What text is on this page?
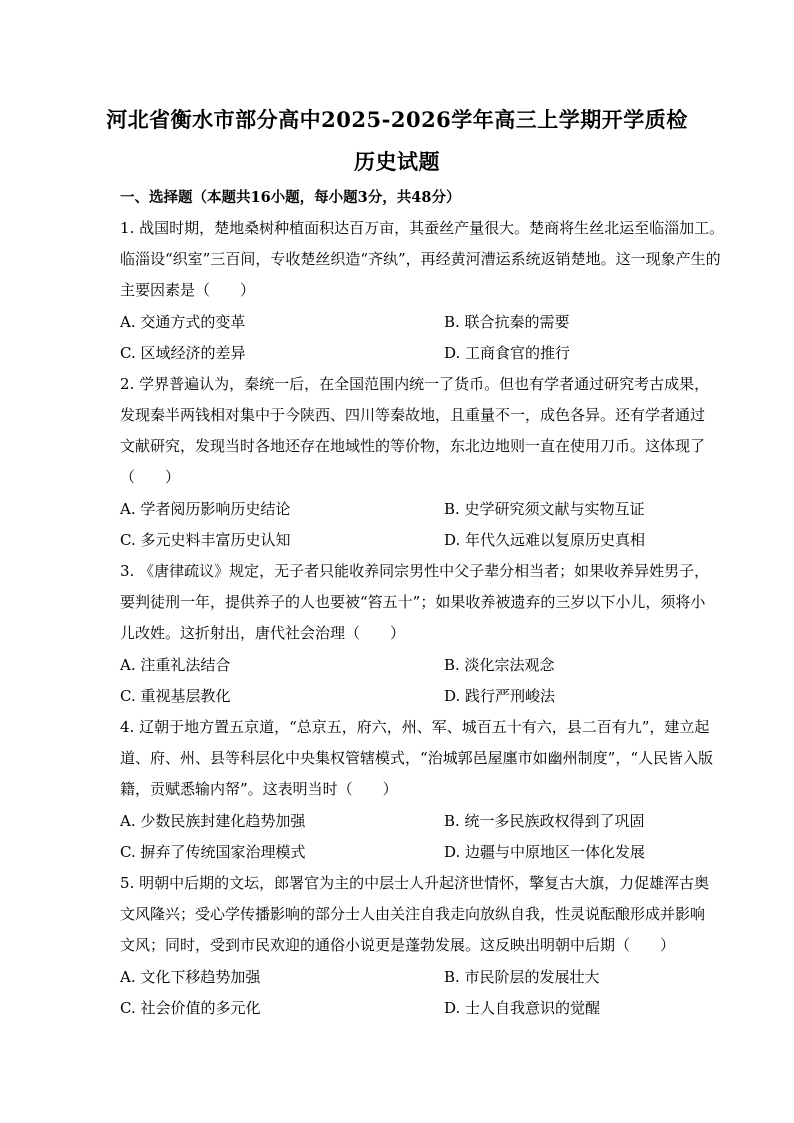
河北省衡水市部分高中2025-2026学年高三上学期开学质检
历史试题
一、选择题（本题共16小题，每小题3分，共48分）
1. 战国时期，楚地桑树种植面积达百万亩，其蚕丝产量很大。楚商将生丝北运至临淄加工。
临淄设“织室”三百间，专收楚丝织造“齐纨”，再经黄河漕运系统返销楚地。这一现象产生的
主要因素是（　　）
A. 交通方式的变革	B. 联合抗秦的需要
C. 区域经济的差异	D. 工商食官的推行
2. 学界普遍认为，秦统一后，在全国范围内统一了货币。但也有学者通过研究考古成果，
发现秦半两钱相对集中于今陕西、四川等秦故地，且重量不一，成色各异。还有学者通过
文献研究，发现当时各地还存在地域性的等价物，东北边地则一直在使用刀币。这体现了
（　　）
A. 学者阅历影响历史结论	B. 史学研究须文献与实物互证
C. 多元史料丰富历史认知	D. 年代久远难以复原历史真相
3. 《唐律疏议》规定，无子者只能收养同宗男性中父子辈分相当者；如果收养异姓男子，
要判徒刑一年，提供养子的人也要被“笞五十”；如果收养被遗弃的三岁以下小儿，须将小
儿改姓。这折射出，唐代社会治理（　　）
A. 注重礼法结合	B. 淡化宗法观念
C. 重视基层教化	D. 践行严刑峻法
4. 辽朝于地方置五京道，“总京五，府六，州、军、城百五十有六，县二百有九”，建立起
道、府、州、县等科层化中央集权管辖模式，“治城郭邑屋廛市如幽州制度”，“人民皆入版
籍，贡赋悉输内帑”。这表明当时（　　）
A. 少数民族封建化趋势加强	B. 统一多民族政权得到了巩固
C. 摒弃了传统国家治理模式	D. 边疆与中原地区一体化发展
5. 明朝中后期的文坛，郎署官为主的中层士人升起济世情怀，擎复古大旗，力促雄浑古奥
文风隆兴；受心学传播影响的部分士人由关注自我走向放纵自我，性灵说酝酿形成并影响
文风；同时，受到市民欢迎的通俗小说更是蓬勃发展。这反映出明朝中后期（　　）
A. 文化下移趋势加强	B. 市民阶层的发展壮大
C. 社会价值的多元化	D. 士人自我意识的觉醒
